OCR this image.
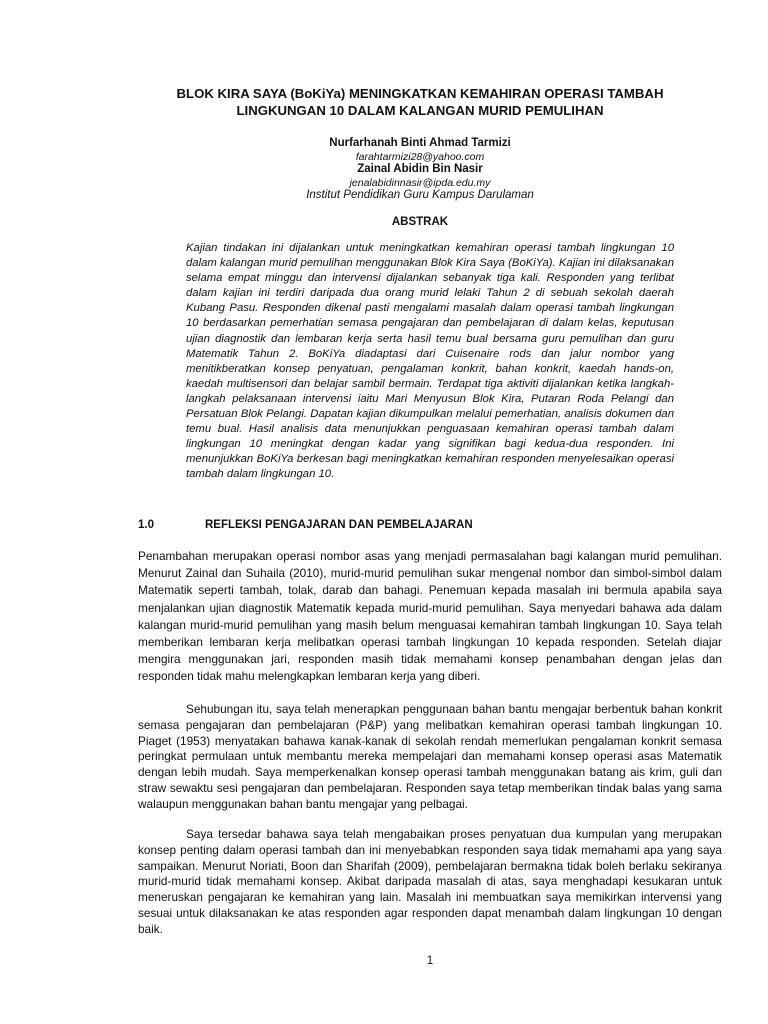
BLOK KIRA SAYA (BoKiYa) MENINGKATKAN KEMAHIRAN OPERASI TAMBAH
LINGKUNGAN 10 DALAM KALANGAN MURID PEMULIHAN
Nurfarhanah Binti Ahmad Tarmizi
farahtarmizi28@yahoo.com
Zainal Abidin Bin Nasir
jenalabidinnasir@ipda.edu.my
Institut Pendidikan Guru Kampus Darulaman
ABSTRAK

Kajian tindakan ini dijalankan untuk meningkatkan kemahiran operasi tambah lingkungan 10 dalam kalangan murid pemulihan menggunakan Blok Kira Saya (BoKiYa). Kajian ini dilaksanakan selama empat minggu dan intervensi dijalankan sebanyak tiga kali. Responden yang terlibat dalam kajian ini terdiri daripada dua orang murid lelaki Tahun 2 di sebuah sekolah daerah Kubang Pasu. Responden dikenal pasti mengalami masalah dalam operasi tambah lingkungan 10 berdasarkan pemerhatian semasa pengajaran dan pembelajaran di dalam kelas, keputusan ujian diagnostik dan lembaran kerja serta hasil temu bual bersama guru pemulihan dan guru Matematik Tahun 2. BoKiYa diadaptasi dari Cuisenaire rods dan jalur nombor yang menitikberatkan konsep penyatuan, pengalaman konkrit, bahan konkrit, kaedah hands-on, kaedah multisensori dan belajar sambil bermain. Terdapat tiga aktiviti dijalankan ketika langkah-langkah pelaksanaan intervensi iaitu Mari Menyusun Blok Kira, Putaran Roda Pelangi dan Persatuan Blok Pelangi. Dapatan kajian dikumpulkan melalui pemerhatian, analisis dokumen dan temu bual. Hasil analisis data menunjukkan penguasaan kemahiran operasi tambah dalam lingkungan 10 meningkat dengan kadar yang signifikan bagi kedua-dua responden. Ini menunjukkan BoKiYa berkesan bagi meningkatkan kemahiran responden menyelesaikan operasi tambah dalam lingkungan 10.

1.0	REFLEKSI PENGAJARAN DAN PEMBELAJARAN

Penambahan merupakan operasi nombor asas yang menjadi permasalahan bagi kalangan murid pemulihan. Menurut Zainal dan Suhaila (2010), murid-murid pemulihan sukar mengenal nombor dan simbol-simbol dalam Matematik seperti tambah, tolak, darab dan bahagi. Penemuan kepada masalah ini bermula apabila saya menjalankan ujian diagnostik Matematik kepada murid-murid pemulihan. Saya menyedari bahawa ada dalam kalangan murid-murid pemulihan yang masih belum menguasai kemahiran tambah lingkungan 10. Saya telah memberikan lembaran kerja melibatkan operasi tambah lingkungan 10 kepada responden. Setelah diajar mengira menggunakan jari, responden masih tidak memahami konsep penambahan dengan jelas dan responden tidak mahu melengkapkan lembaran kerja yang diberi.

Sehubungan itu, saya telah menerapkan penggunaan bahan bantu mengajar berbentuk bahan konkrit semasa pengajaran dan pembelajaran (P&P) yang melibatkan kemahiran operasi tambah lingkungan 10. Piaget (1953) menyatakan bahawa kanak-kanak di sekolah rendah memerlukan pengalaman konkrit semasa peringkat permulaan untuk membantu mereka mempelajari dan memahami konsep operasi asas Matematik dengan lebih mudah. Saya memperkenalkan konsep operasi tambah menggunakan batang ais krim, guli dan straw sewaktu sesi pengajaran dan pembelajaran. Responden saya tetap memberikan tindak balas yang sama walaupun menggunakan bahan bantu mengajar yang pelbagai.

Saya tersedar bahawa saya telah mengabaikan proses penyatuan dua kumpulan yang merupakan konsep penting dalam operasi tambah dan ini menyebabkan responden saya tidak memahami apa yang saya sampaikan. Menurut Noriati, Boon dan Sharifah (2009), pembelajaran bermakna tidak boleh berlaku sekiranya murid-murid tidak memahami konsep. Akibat daripada masalah di atas, saya menghadapi kesukaran untuk meneruskan pengajaran ke kemahiran yang lain. Masalah ini membuatkan saya memikirkan intervensi yang sesuai untuk dilaksanakan ke atas responden agar responden dapat menambah dalam lingkungan 10 dengan baik.

1
